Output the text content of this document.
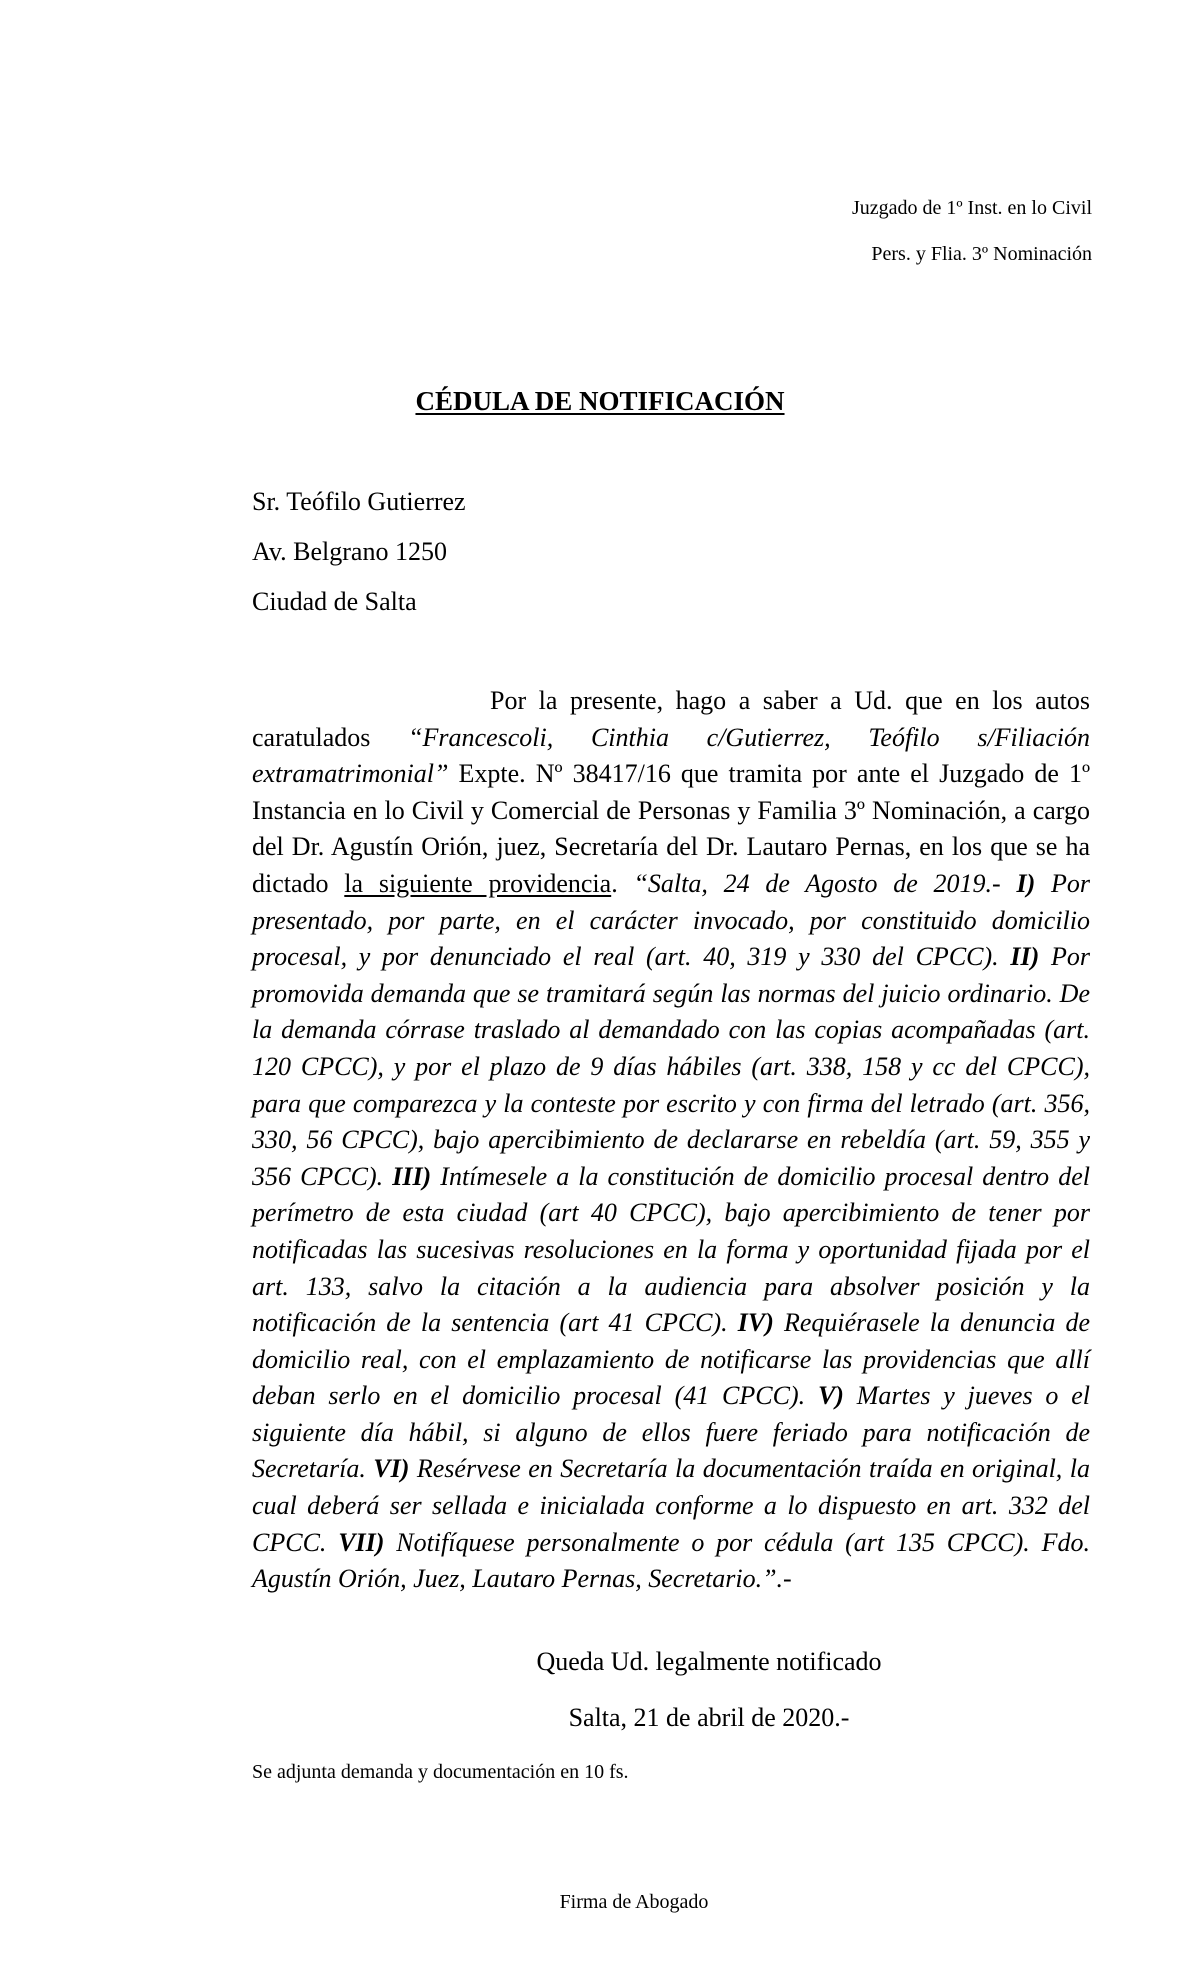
Juzgado de 1º Inst. en lo Civil
Pers. y Flia. 3º Nominación
CÉDULA DE NOTIFICACIÓN
Sr. Teófilo Gutierrez
Av. Belgrano 1250
Ciudad de Salta

Por la presente, hago a saber a Ud. que en los autos caratulados “Francescoli, Cinthia c/Gutierrez, Teófilo s/Filiación extramatrimonial” Expte. Nº 38417/16 que tramita por ante el Juzgado de 1º Instancia en lo Civil y Comercial de Personas y Familia 3º Nominación, a cargo del Dr. Agustín Orión, juez, Secretaría del Dr. Lautaro Pernas, en los que se ha dictado la siguiente providencia. “Salta, 24 de Agosto de 2019.- I) Por presentado, por parte, en el carácter invocado, por constituido domicilio procesal, y por denunciado el real (art. 40, 319 y 330 del CPCC). II) Por promovida demanda que se tramitará según las normas del juicio ordinario. De la demanda córrase traslado al demandado con las copias acompañadas (art. 120 CPCC), y por el plazo de 9 días hábiles (art. 338, 158 y cc del CPCC), para que comparezca y la conteste por escrito y con firma del letrado (art. 356, 330, 56 CPCC), bajo apercibimiento de declararse en rebeldía (art. 59, 355 y 356 CPCC). III) Intímesele a la constitución de domicilio procesal dentro del perímetro de esta ciudad (art 40 CPCC), bajo apercibimiento de tener por notificadas las sucesivas resoluciones en la forma y oportunidad fijada por el art. 133, salvo la citación a la audiencia para absolver posición y la notificación de la sentencia (art 41 CPCC). IV) Requiérasele la denuncia de domicilio real, con el emplazamiento de notificarse las providencias que allí deban serlo en el domicilio procesal (41 CPCC). V) Martes y jueves o el siguiente día hábil, si alguno de ellos fuere feriado para notificación de Secretaría. VI) Resérvese en Secretaría la documentación traída en original, la cual deberá ser sellada e inicialada conforme a lo dispuesto en art. 332 del CPCC. VII) Notifíquese personalmente o por cédula (art 135 CPCC). Fdo. Agustín Orión, Juez, Lautaro Pernas, Secretario.”.-

Queda Ud. legalmente notificado
Salta, 21 de abril de 2020.-
Se adjunta demanda y documentación en 10 fs.
Firma de Abogado
